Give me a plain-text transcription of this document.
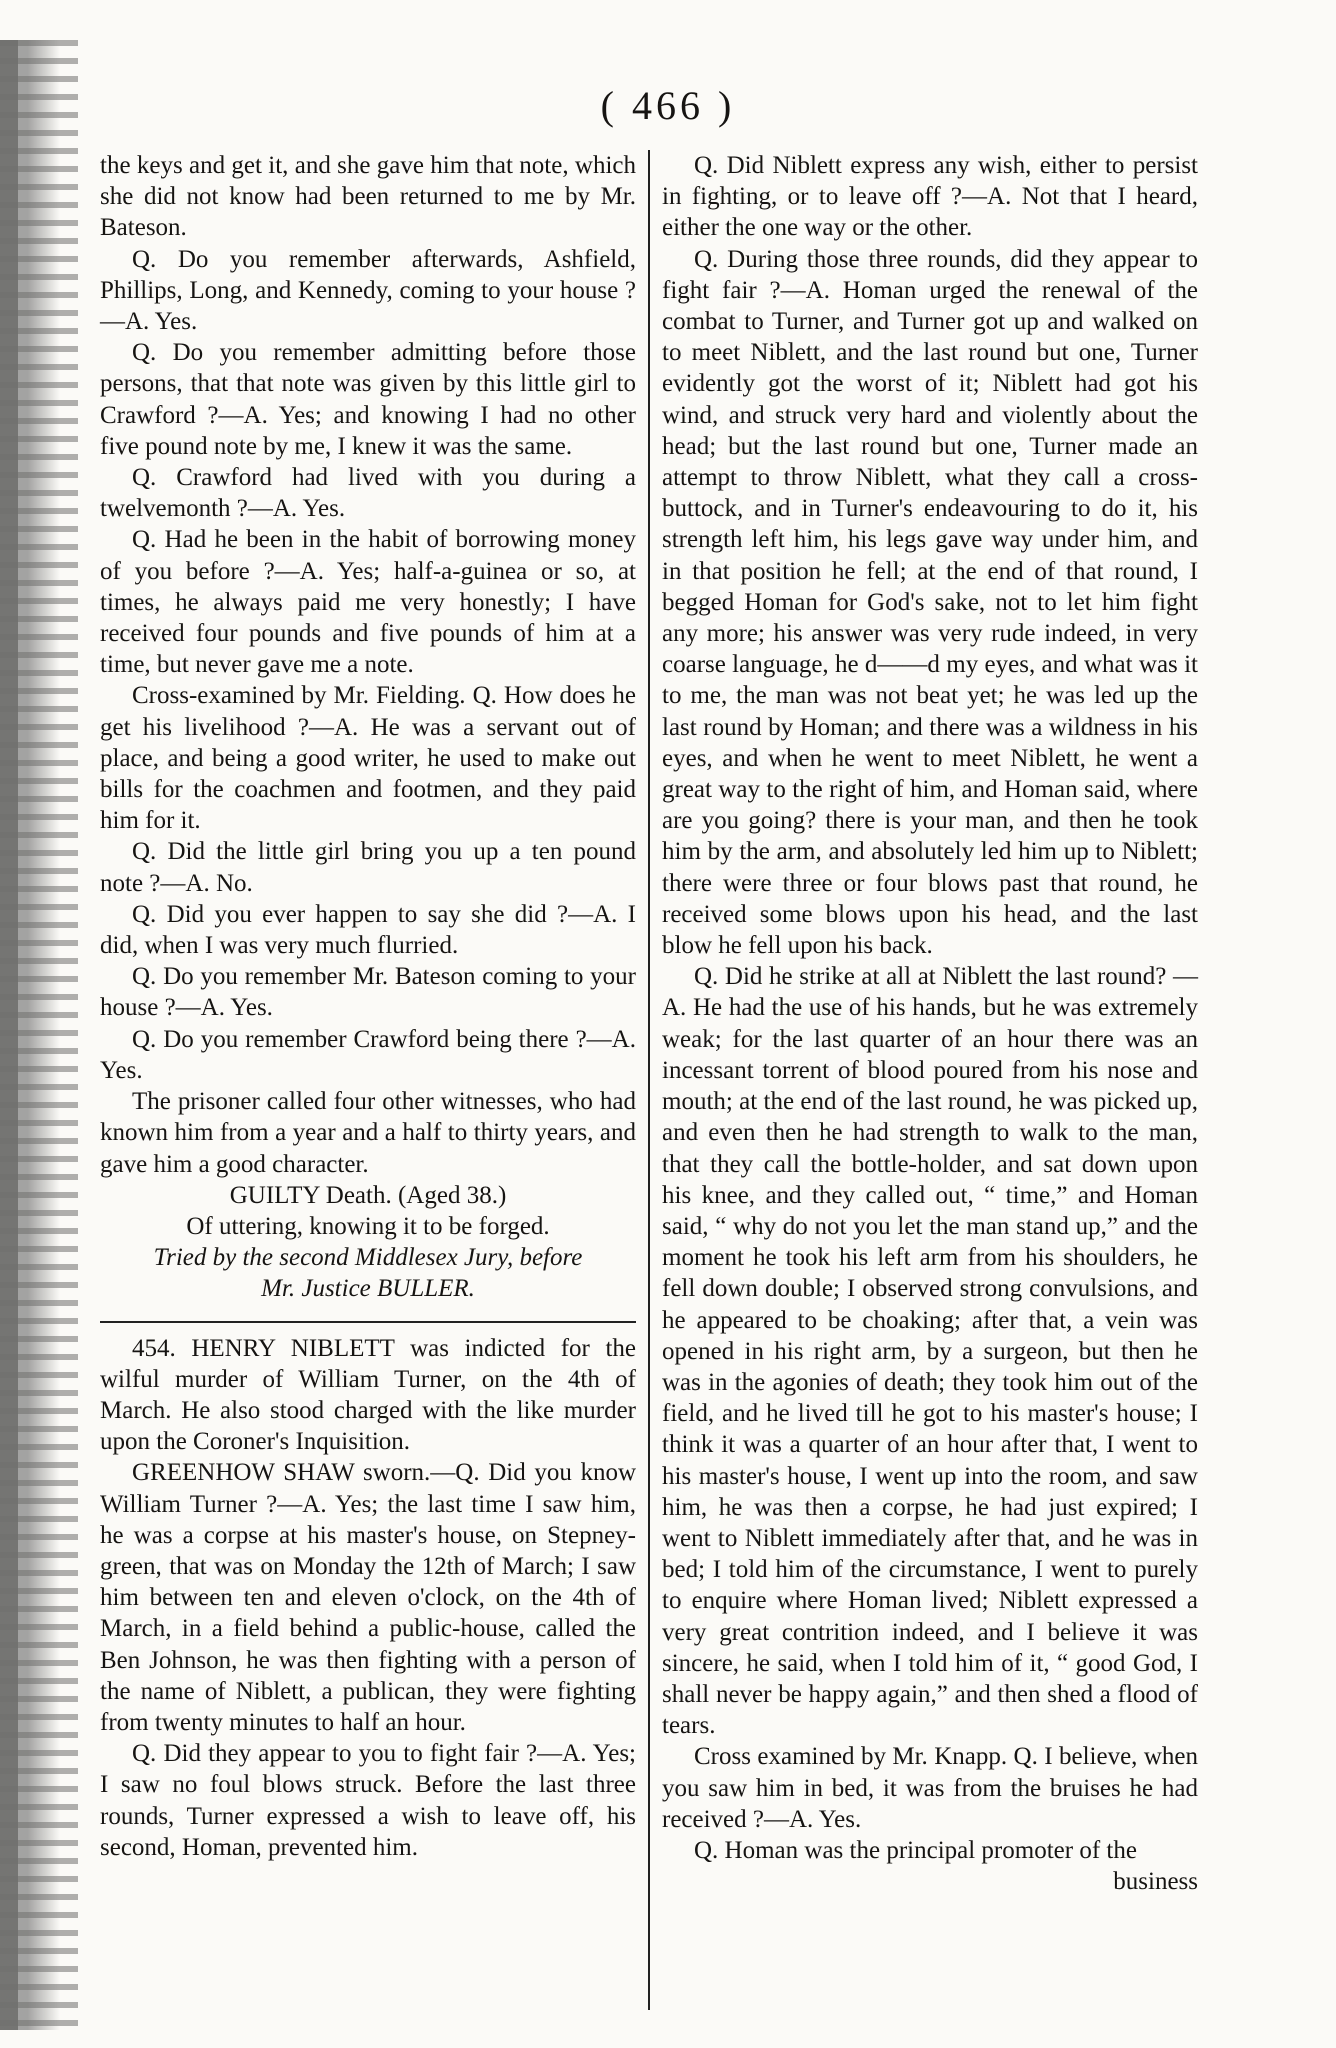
( 466 )

the keys and get it, and she gave him that note, which she did not know had been returned to me by Mr. Bateson.

Q. Do you remember afterwards, Ashfield, Phillips, Long, and Kennedy, coming to your house ?—A. Yes.

Q. Do you remember admitting before those persons, that that note was given by this little girl to Crawford ?—A. Yes; and knowing I had no other five pound note by me, I knew it was the same.

Q. Crawford had lived with you during a twelvemonth ?—A. Yes.

Q. Had he been in the habit of borrowing money of you before ?—A. Yes; half-a-guinea or so, at times, he always paid me very honestly; I have received four pounds and five pounds of him at a time, but never gave me a note.

Cross-examined by Mr. Fielding. Q. How does he get his livelihood ?—A. He was a servant out of place, and being a good writer, he used to make out bills for the coachmen and footmen, and they paid him for it.

Q. Did the little girl bring you up a ten pound note ?—A. No.

Q. Did you ever happen to say she did ?—A. I did, when I was very much flurried.

Q. Do you remember Mr. Bateson coming to your house ?—A. Yes.

Q. Do you remember Crawford being there ?—A. Yes.

The prisoner called four other witnesses, who had known him from a year and a half to thirty years, and gave him a good character.

GUILTY Death. (Aged 38.)

Of uttering, knowing it to be forged.

Tried by the second Middlesex Jury, before

Mr. Justice BULLER.

454. HENRY NIBLETT was indicted for the wilful murder of William Turner, on the 4th of March. He also stood charged with the like murder upon the Coroner's Inquisition.

GREENHOW SHAW sworn.—Q. Did you know William Turner ?—A. Yes; the last time I saw him, he was a corpse at his master's house, on Stepney-green, that was on Monday the 12th of March; I saw him between ten and eleven o'clock, on the 4th of March, in a field behind a public-house, called the Ben Johnson, he was then fighting with a person of the name of Niblett, a publican, they were fighting from twenty minutes to half an hour.

Q. Did they appear to you to fight fair ?—A. Yes; I saw no foul blows struck. Before the last three rounds, Turner expressed a wish to leave off, his second, Homan, prevented him.

Q. Did Niblett express any wish, either to persist in fighting, or to leave off ?—A. Not that I heard, either the one way or the other.

Q. During those three rounds, did they appear to fight fair ?—A. Homan urged the renewal of the combat to Turner, and Turner got up and walked on to meet Niblett, and the last round but one, Turner evidently got the worst of it; Niblett had got his wind, and struck very hard and violently about the head; but the last round but one, Turner made an attempt to throw Niblett, what they call a cross-buttock, and in Turner's endeavouring to do it, his strength left him, his legs gave way under him, and in that position he fell; at the end of that round, I begged Homan for God's sake, not to let him fight any more; his answer was very rude indeed, in very coarse language, he d——d my eyes, and what was it to me, the man was not beat yet; he was led up the last round by Homan; and there was a wildness in his eyes, and when he went to meet Niblett, he went a great way to the right of him, and Homan said, where are you going? there is your man, and then he took him by the arm, and absolutely led him up to Niblett; there were three or four blows past that round, he received some blows upon his head, and the last blow he fell upon his back.

Q. Did he strike at all at Niblett the last round? —A. He had the use of his hands, but he was extremely weak; for the last quarter of an hour there was an incessant torrent of blood poured from his nose and mouth; at the end of the last round, he was picked up, and even then he had strength to walk to the man, that they call the bottle-holder, and sat down upon his knee, and they called out, “ time,” and Homan said, “ why do not you let the man stand up,” and the moment he took his left arm from his shoulders, he fell down double; I observed strong convulsions, and he appeared to be choaking; after that, a vein was opened in his right arm, by a surgeon, but then he was in the agonies of death; they took him out of the field, and he lived till he got to his master's house; I think it was a quarter of an hour after that, I went to his master's house, I went up into the room, and saw him, he was then a corpse, he had just expired; I went to Niblett immediately after that, and he was in bed; I told him of the circumstance, I went to purely to enquire where Homan lived; Niblett expressed a very great contrition indeed, and I believe it was sincere, he said, when I told him of it, “ good God, I shall never be happy again,” and then shed a flood of tears.

Cross examined by Mr. Knapp. Q. I believe, when you saw him in bed, it was from the bruises he had received ?—A. Yes.

Q. Homan was the principal promoter of the

business
